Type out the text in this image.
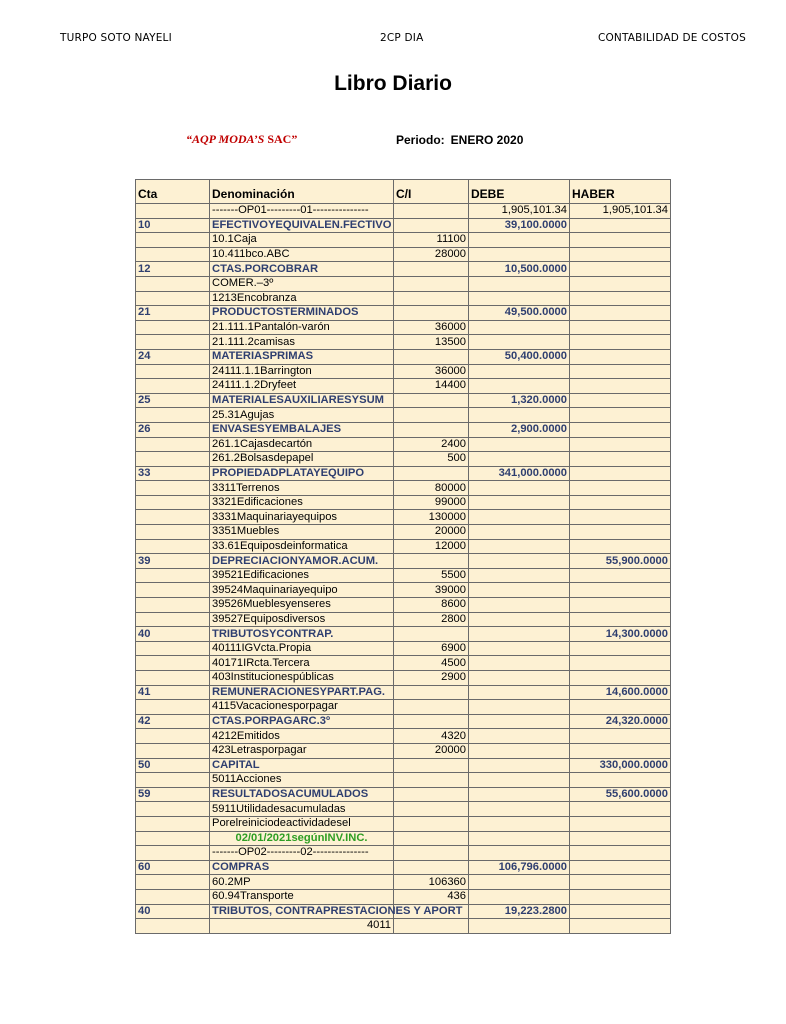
TURPO SOTO NAYELI	2CP DIA	CONTABILIDAD DE COSTOS
Libro Diario
“AQP MODA’S SAC”	Periodo: ENERO 2020
Cta	Denominación	C/I	DEBE	HABER
	-------OP01---------01---------------		1,905,101.34	1,905,101.34
10	EFECTIVOYEQUIVALEN.FECTIVO		39,100.0000	
	10.1Caja	11100		
	10.411bco.ABC	28000		
12	CTAS.PORCOBRAR		10,500.0000	
	COMER.–3º			
	1213Encobranza			
21	PRODUCTOSTERMINADOS		49,500.0000	
	21.111.1Pantalón-varón	36000		
	21.111.2camisas	13500		
24	MATERIASPRIMAS		50,400.0000	
	24111.1.1Barrington	36000		
	24111.1.2Dryfeet	14400		
25	MATERIALESAUXILIARESYSUM		1,320.0000	
	25.31Agujas			
26	ENVASESYEMBALAJES		2,900.0000	
	261.1Cajasdecartón	2400		
	261.2Bolsasdepapel	500		
33	PROPIEDADPLATAYEQUIPO		341,000.0000	
	3311Terrenos	80000		
	3321Edificaciones	99000		
	3331Maquinariayequipos	130000		
	3351Muebles	20000		
	33.61Equiposdeinformatica	12000		
39	DEPRECIACIONYAMOR.ACUM.			55,900.0000
	39521Edificaciones	5500		
	39524Maquinariayequipo	39000		
	39526Mueblesyenseres	8600		
	39527Equiposdiversos	2800		
40	TRIBUTOSYCONTRAP.			14,300.0000
	40111IGVcta.Propia	6900		
	40171IRcta.Tercera	4500		
	403Institucionespúblicas	2900		
41	REMUNERACIONESYPART.PAG.			14,600.0000
	4115Vacacionesporpagar			
42	CTAS.PORPAGARC.3º			24,320.0000
	4212Emitidos	4320		
	423Letrasporpagar	20000		
50	CAPITAL			330,000.0000
	5011Acciones			
59	RESULTADOSACUMULADOS			55,600.0000
	5911Utilidadesacumuladas			
	Porelreiniciodeactividadesel			
	02/01/2021segúnINV.INC.			
	-------OP02---------02---------------			
60	COMPRAS		106,796.0000	
	60.2MP	106360		
	60.94Transporte	436		
40	TRIBUTOS, CONTRAPRESTACIONES Y APORT		19,223.2800	
	4011			
